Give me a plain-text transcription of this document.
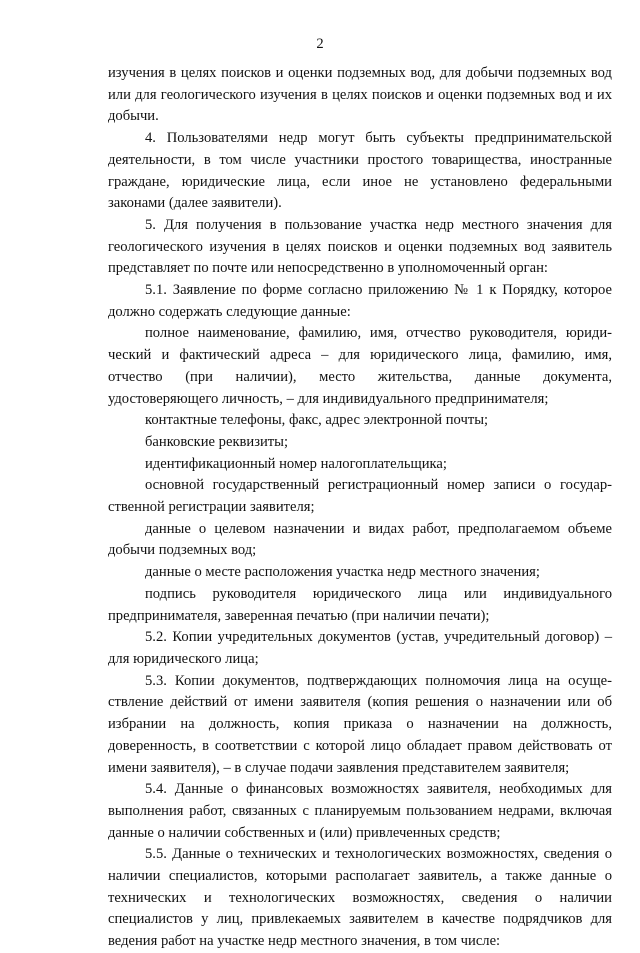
2

изучения в целях поисков и оценки подземных вод, для добычи подземных вод или для геологического изучения в целях поисков и оценки подземных вод и их добычи.

4. Пользователями недр могут быть субъекты предпринимательской деятельности, в том числе участники простого товарищества, иностранные граждане, юридические лица, если иное не установлено федеральными законами (далее заявители).

5. Для получения в пользование участка недр местного значения для геологического изучения в целях поисков и оценки подземных вод заявитель представляет по почте или непосредственно в уполномоченный орган:

5.1. Заявление по форме согласно приложению № 1 к Порядку, которое должно содержать следующие данные:

полное наименование, фамилию, имя, отчество руководителя, юриди-ческий и фактический адреса – для юридического лица, фамилию, имя, отчество (при наличии), место жительства, данные документа, удостоверяющего личность, – для индивидуального предпринимателя;

контактные телефоны, факс, адрес электронной почты;

банковские реквизиты;

идентификационный номер налогоплательщика;

основной государственный регистрационный номер записи о государ-ственной регистрации заявителя;

данные о целевом назначении и видах работ, предполагаемом объеме добычи подземных вод;

данные о месте расположения участка недр местного значения;

подпись руководителя юридического лица или индивидуального предпринимателя, заверенная печатью (при наличии печати);

5.2. Копии учредительных документов (устав, учредительный договор) – для юридического лица;

5.3. Копии документов, подтверждающих полномочия лица на осуще-ствление действий от имени заявителя (копия решения о назначении или об избрании на должность, копия приказа о назначении на должность, доверенность, в соответствии с которой лицо обладает правом действовать от имени заявителя), – в случае подачи заявления представителем заявителя;

5.4. Данные о финансовых возможностях заявителя, необходимых для выполнения работ, связанных с планируемым пользованием недрами, включая данные о наличии собственных и (или) привлеченных средств;

5.5. Данные о технических и технологических возможностях, сведения о наличии специалистов, которыми располагает заявитель, а также данные о технических и технологических возможностях, сведения о наличии специалистов у лиц, привлекаемых заявителем в качестве подрядчиков для ведения работ на участке недр местного значения, в том числе:
